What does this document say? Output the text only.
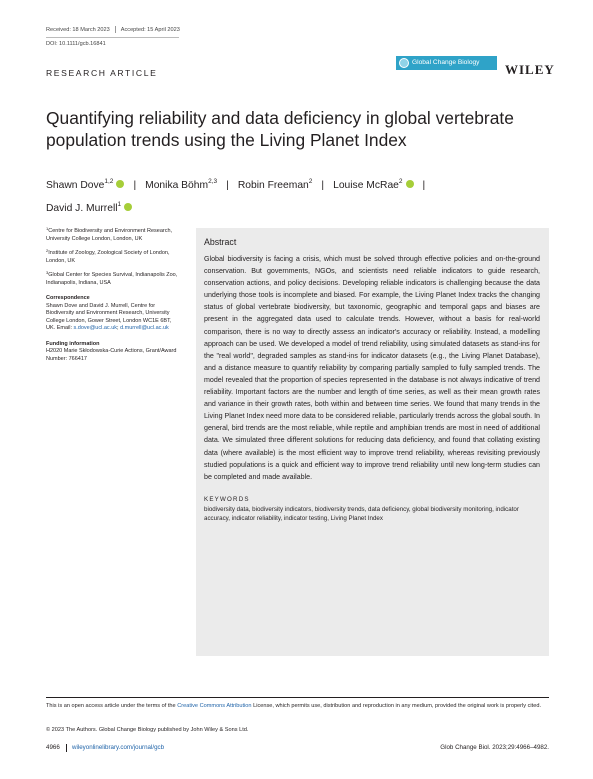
Received: 18 March 2023 Accepted: 15 April 2023
DOI: 10.1111/gcb.16841
RESEARCH ARTICLE
Global Change Biology	WILEY
Quantifying reliability and data deficiency in global vertebrate population trends using the Living Planet Index
Shawn Dove$^{1,2}$ | Monika Böhm$^{2,3}$ | Robin Freeman$^2$ | Louise McRae$^2$ |
David J. Murrell$^1$
$^1$Centre for Biodiversity and Environment Research, University College London, London, UK
$^2$Institute of Zoology, Zoological Society of London, London, UK
$^3$Global Center for Species Survival, Indianapolis Zoo, Indianapolis, Indiana, USA
Correspondence
Shawn Dove and David J. Murrell, Centre for Biodiversity and Environment Research, University College London, Gower Street, London WC1E 6BT, UK. Email: s.dove@ucl.ac.uk; d.murrell@ucl.ac.uk
Funding information
H2020 Marie Skłodowska-Curie Actions, Grant/Award Number: 766417
Abstract
Global biodiversity is facing a crisis, which must be solved through effective policies and on-the-ground conservation. But governments, NGOs, and scientists need reliable indicators to guide research, conservation actions, and policy decisions. Developing reliable indicators is challenging because the data underlying those tools is incomplete and biased. For example, the Living Planet Index tracks the changing status of global vertebrate biodiversity, but taxonomic, geographic and temporal gaps and biases are present in the aggregated data used to calculate trends. However, without a basis for real-world comparison, there is no way to directly assess an indicator's accuracy or reliability. Instead, a modelling approach can be used. We developed a model of trend reliability, using simulated datasets as stand-ins for the "real world", degraded samples as stand-ins for indicator datasets (e.g., the Living Planet Database), and a distance measure to quantify reliability by comparing partially sampled to fully sampled trends. The model revealed that the proportion of species represented in the database is not always indicative of trend reliability. Important factors are the number and length of time series, as well as their mean growth rates and variance in their growth rates, both within and between time series. We found that many trends in the Living Planet Index need more data to be considered reliable, particularly trends across the global south. In general, bird trends are the most reliable, while reptile and amphibian trends are most in need of additional data. We simulated three different solutions for reducing data deficiency, and found that collating existing data (where available) is the most efficient way to improve trend reliability, whereas revisiting previously studied populations is a quick and efficient way to improve trend reliability until new long-term studies can be completed and made available.
KEYWORDS
biodiversity data, biodiversity indicators, biodiversity trends, data deficiency, global biodiversity monitoring, indicator accuracy, indicator reliability, indicator testing, Living Planet Index
This is an open access article under the terms of the Creative Commons Attribution License, which permits use, distribution and reproduction in any medium, provided the original work is properly cited.
© 2023 The Authors. Global Change Biology published by John Wiley & Sons Ltd.
4966 wileyonlinelibrary.com/journal/gcb	Glob Change Biol. 2023;29:4966–4982.
